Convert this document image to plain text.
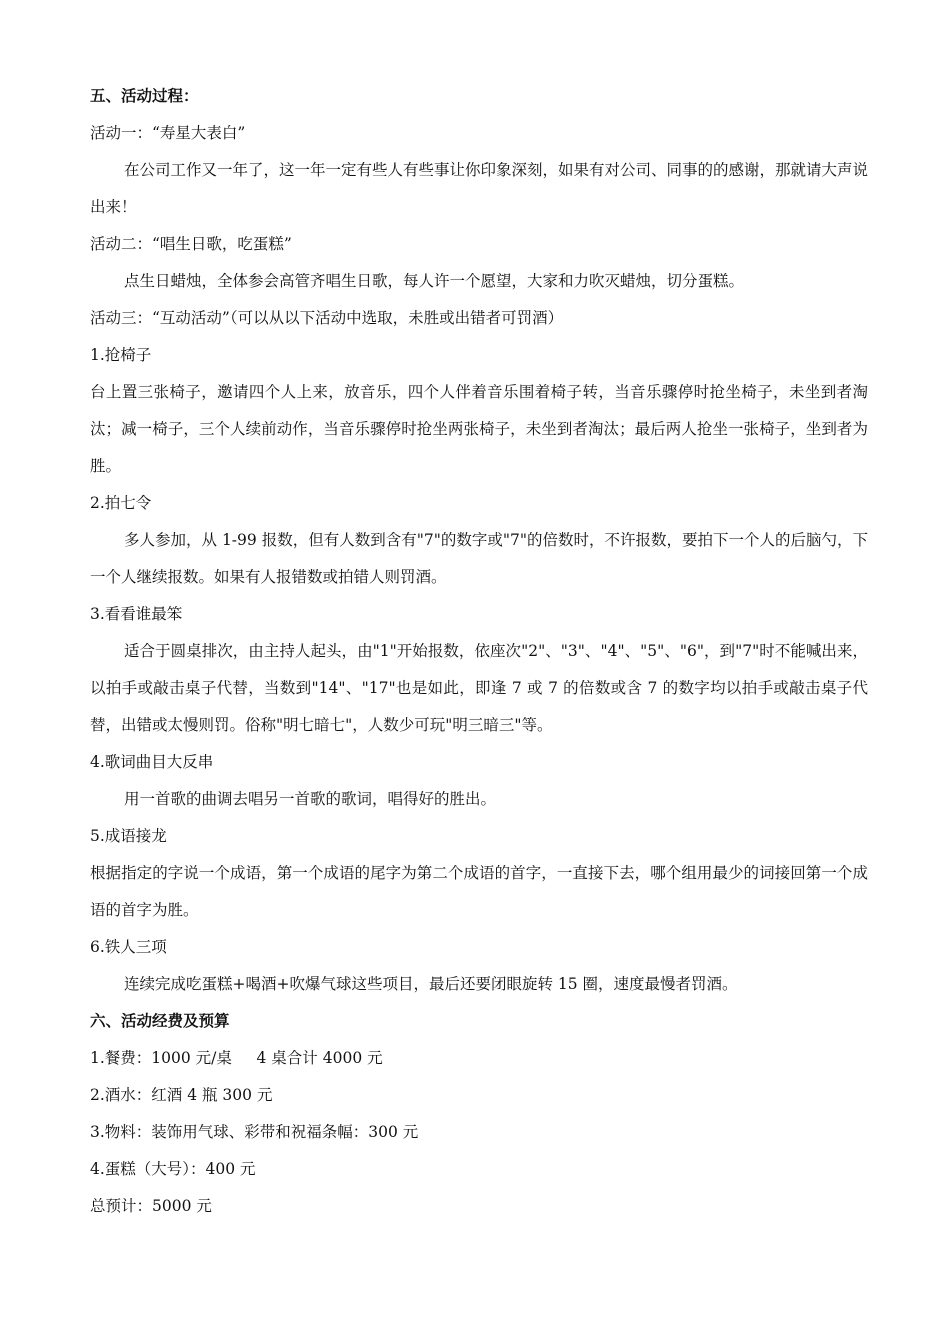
五、活动过程：

活动一：“寿星大表白”

在公司工作又一年了，这一年一定有些人有些事让你印象深刻，如果有对公司、同事的的感谢，那就请大声说出来！

活动二：“唱生日歌，吃蛋糕”

点生日蜡烛，全体参会高管齐唱生日歌，每人许一个愿望，大家和力吹灭蜡烛，切分蛋糕。

活动三：“互动活动”（可以从以下活动中选取，未胜或出错者可罚酒）

1.抢椅子

台上置三张椅子，邀请四个人上来，放音乐，四个人伴着音乐围着椅子转，当音乐骤停时抢坐椅子，未坐到者淘汰；减一椅子，三个人续前动作，当音乐骤停时抢坐两张椅子，未坐到者淘汰；最后两人抢坐一张椅子，坐到者为胜。

2.拍七令

多人参加，从 1-99 报数，但有人数到含有"7"的数字或"7"的倍数时，不许报数，要拍下一个人的后脑勺，下一个人继续报数。如果有人报错数或拍错人则罚酒。

3.看看谁最笨

适合于圆桌排次，由主持人起头，由"1"开始报数，依座次"2"、"3"、"4"、"5"、"6"，到"7"时不能喊出来，以拍手或敲击桌子代替，当数到"14"、"17"也是如此，即逢 7 或 7 的倍数或含 7 的数字均以拍手或敲击桌子代替，出错或太慢则罚。俗称"明七暗七"，人数少可玩"明三暗三"等。

4.歌词曲目大反串

用一首歌的曲调去唱另一首歌的歌词，唱得好的胜出。

5.成语接龙

根据指定的字说一个成语，第一个成语的尾字为第二个成语的首字，一直接下去，哪个组用最少的词接回第一个成语的首字为胜。

6.铁人三项

连续完成吃蛋糕+喝酒+吹爆气球这些项目，最后还要闭眼旋转 15 圈，速度最慢者罚酒。

六、活动经费及预算

1.餐费：1000 元/桌     4 桌合计 4000 元

2.酒水：红酒 4 瓶 300 元

3.物料：装饰用气球、彩带和祝福条幅：300 元

4.蛋糕（大号）：400 元

总预计：5000 元
